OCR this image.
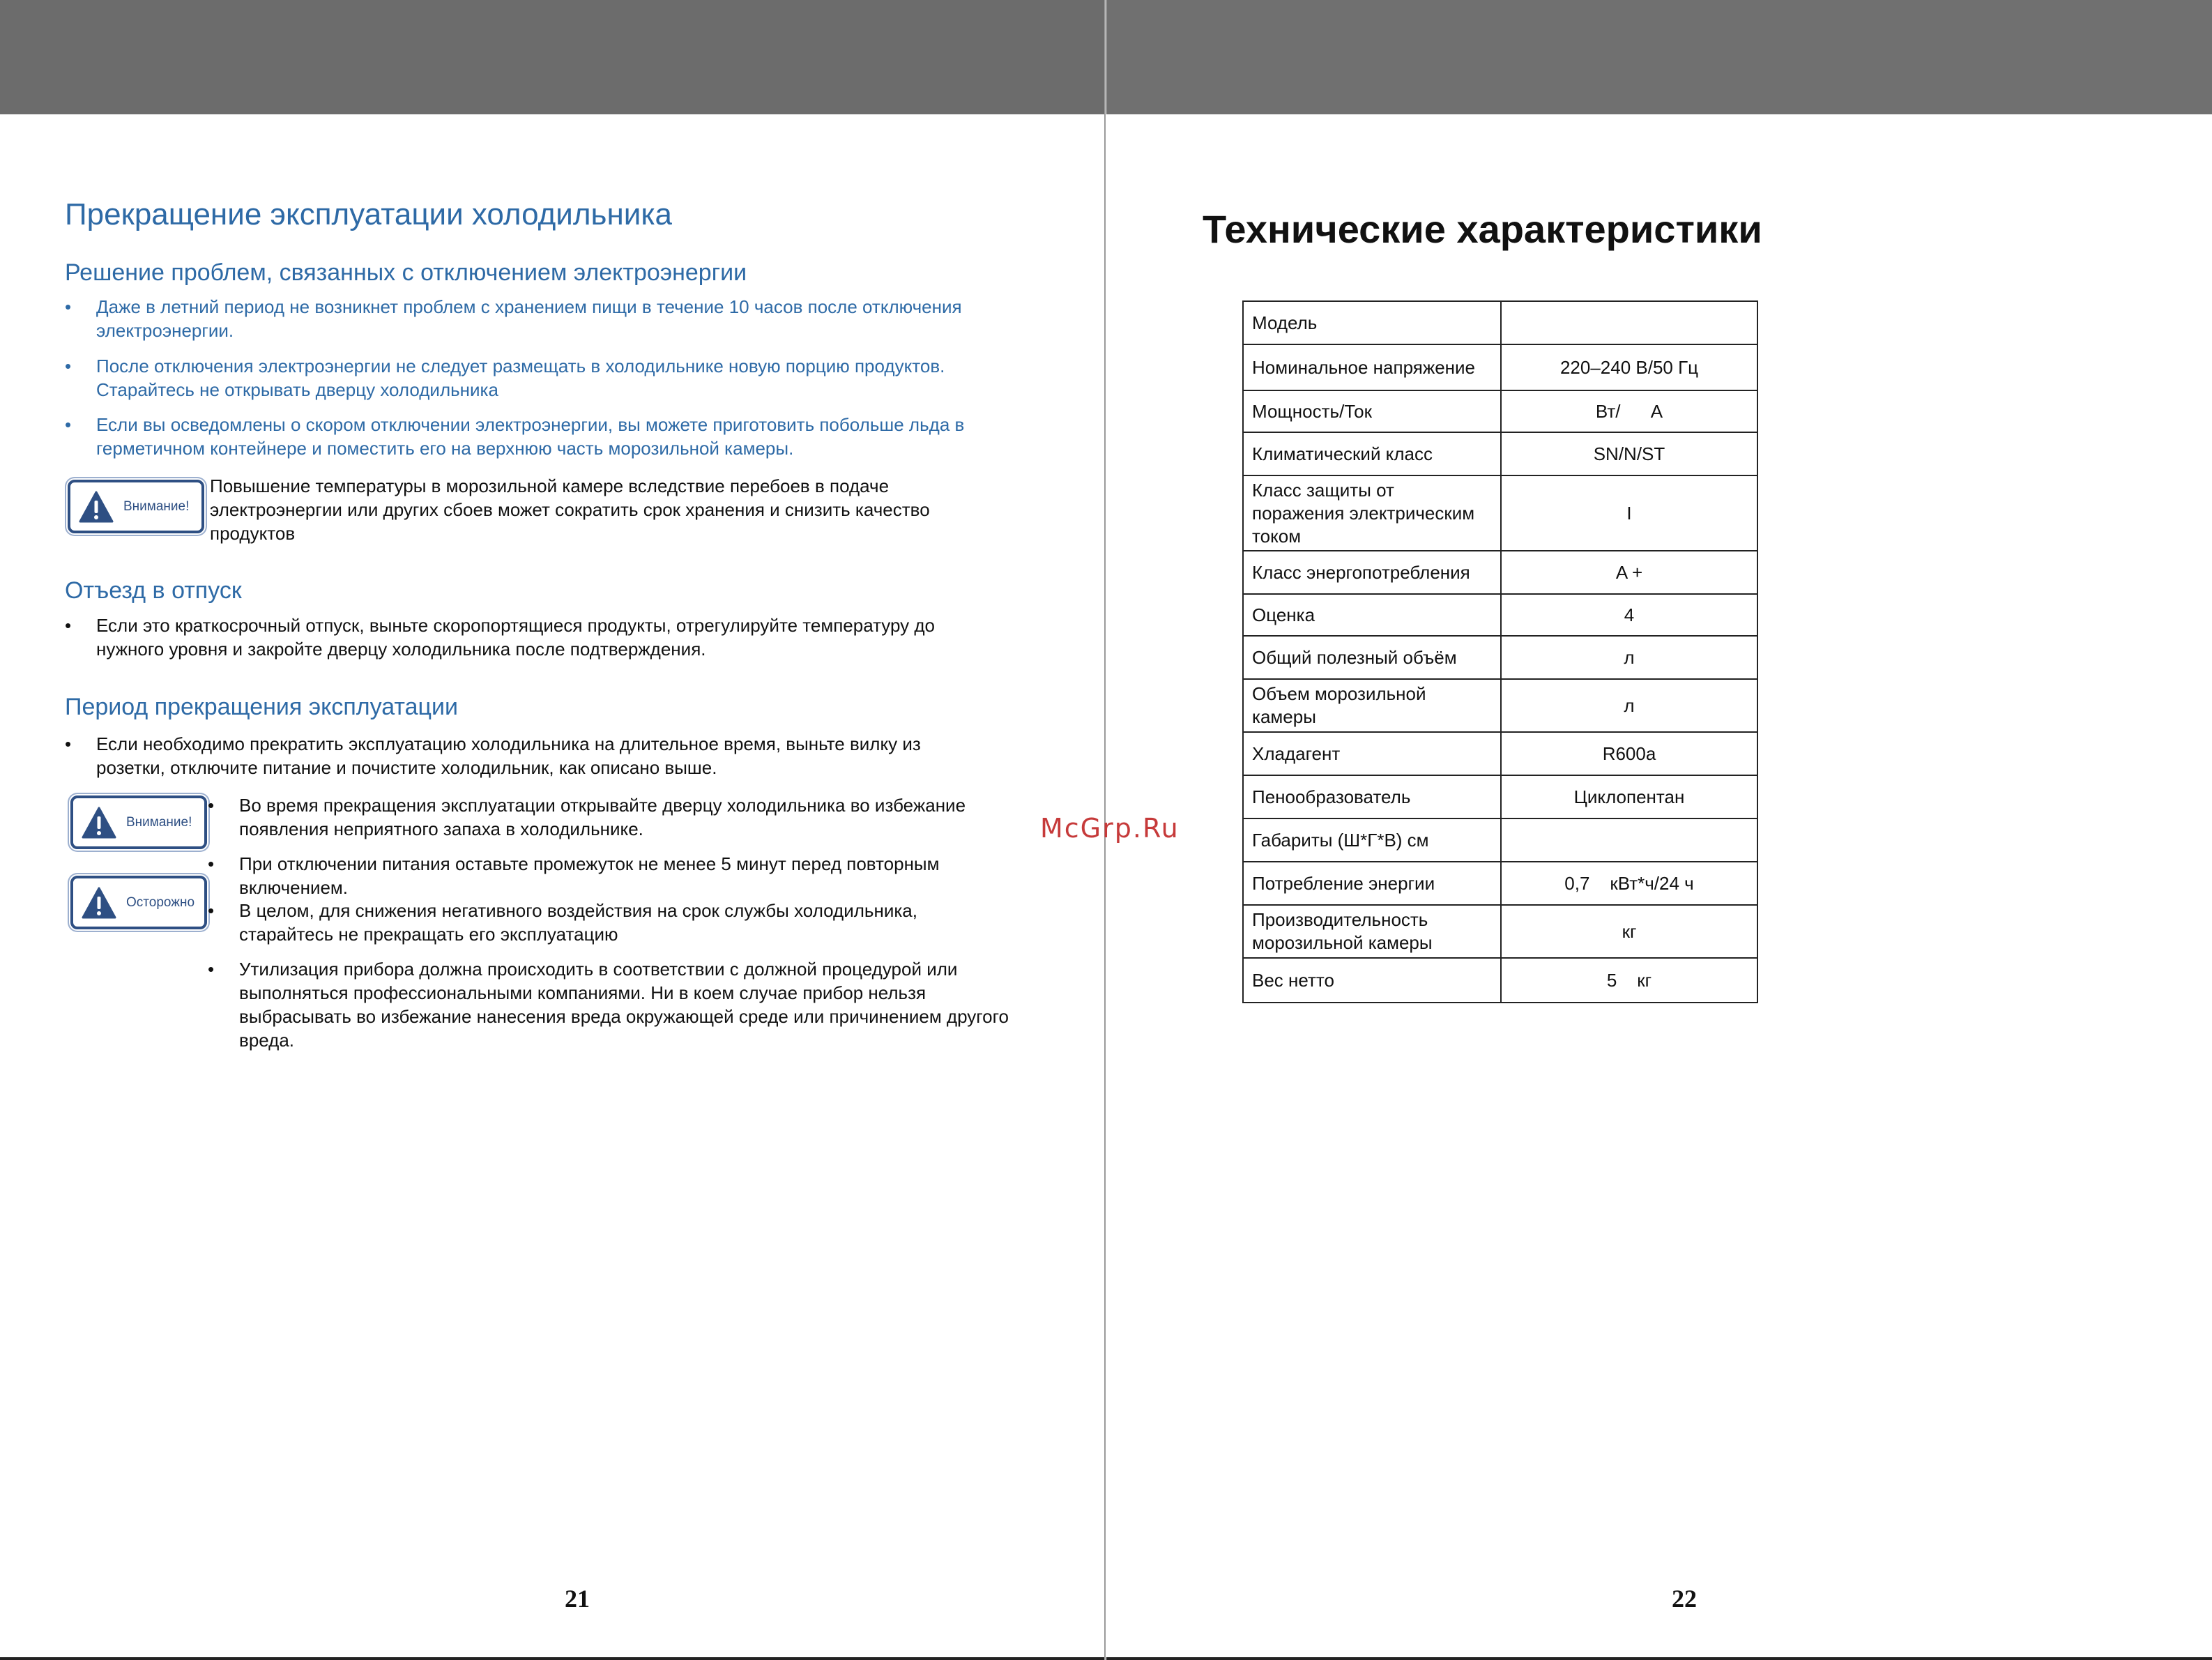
Прекращение эксплуатации холодильника
Решение проблем, связанных с отключением электроэнергии
• Даже в летний период не возникнет проблем с хранением пищи в течение 10 часов после отключения
электроэнергии.
• После отключения электроэнергии не следует размещать в холодильнике новую порцию продуктов.
Старайтесь не открывать дверцу холодильника
• Если вы осведомлены о скором отключении электроэнергии, вы можете приготовить побольше льда в
герметичном контейнере и поместить его на верхнюю часть морозильной камеры.
Внимание!
Повышение температуры в морозильной камере вследствие перебоев в подаче
электроэнергии или других сбоев может сократить срок хранения и снизить качество
продуктов
Отъезд в отпуск
• Если это краткосрочный отпуск, выньте скоропортящиеся продукты, отрегулируйте температуру до
нужного уровня и закройте дверцу холодильника после подтверждения.
Период прекращения эксплуатации
• Если необходимо прекратить эксплуатацию холодильника на длительное время, выньте вилку из
розетки, отключите питание и почистите холодильник, как описано выше.
Внимание!
Осторожно
• Во время прекращения эксплуатации открывайте дверцу холодильника во избежание
появления неприятного запаха в холодильнике.
• При отключении питания оставьте промежуток не менее 5 минут перед повторным
включением.
• В целом, для снижения негативного воздействия на срок службы холодильника,
старайтесь не прекращать его эксплуатацию
• Утилизация прибора должна происходить в соответствии с должной процедурой или
выполняться профессиональными компаниями. Ни в коем случае прибор нельзя
выбрасывать во избежание нанесения вреда окружающей среде или причинением другого
вреда.
21
Технические характеристики
Модель	

Номинальное напряжение	220–240 В/50 Гц

Мощность/Ток	Вт/      А

Климатический класс	SN/N/ST

Класс защиты от
поражения электрическим
током	I

Класс энергопотребления	A +

Оценка	4

Общий полезный объём	л

Объем морозильной
камеры	л

Хладагент	R600a

Пенообразователь	Циклопентан

Габариты (Ш*Г*В) см	

Потребление энергии	0,7    кВт*ч/24 ч

Производительность
морозильной камеры	кг

Вес нетто	5    кг
22
McGrp.Ru
